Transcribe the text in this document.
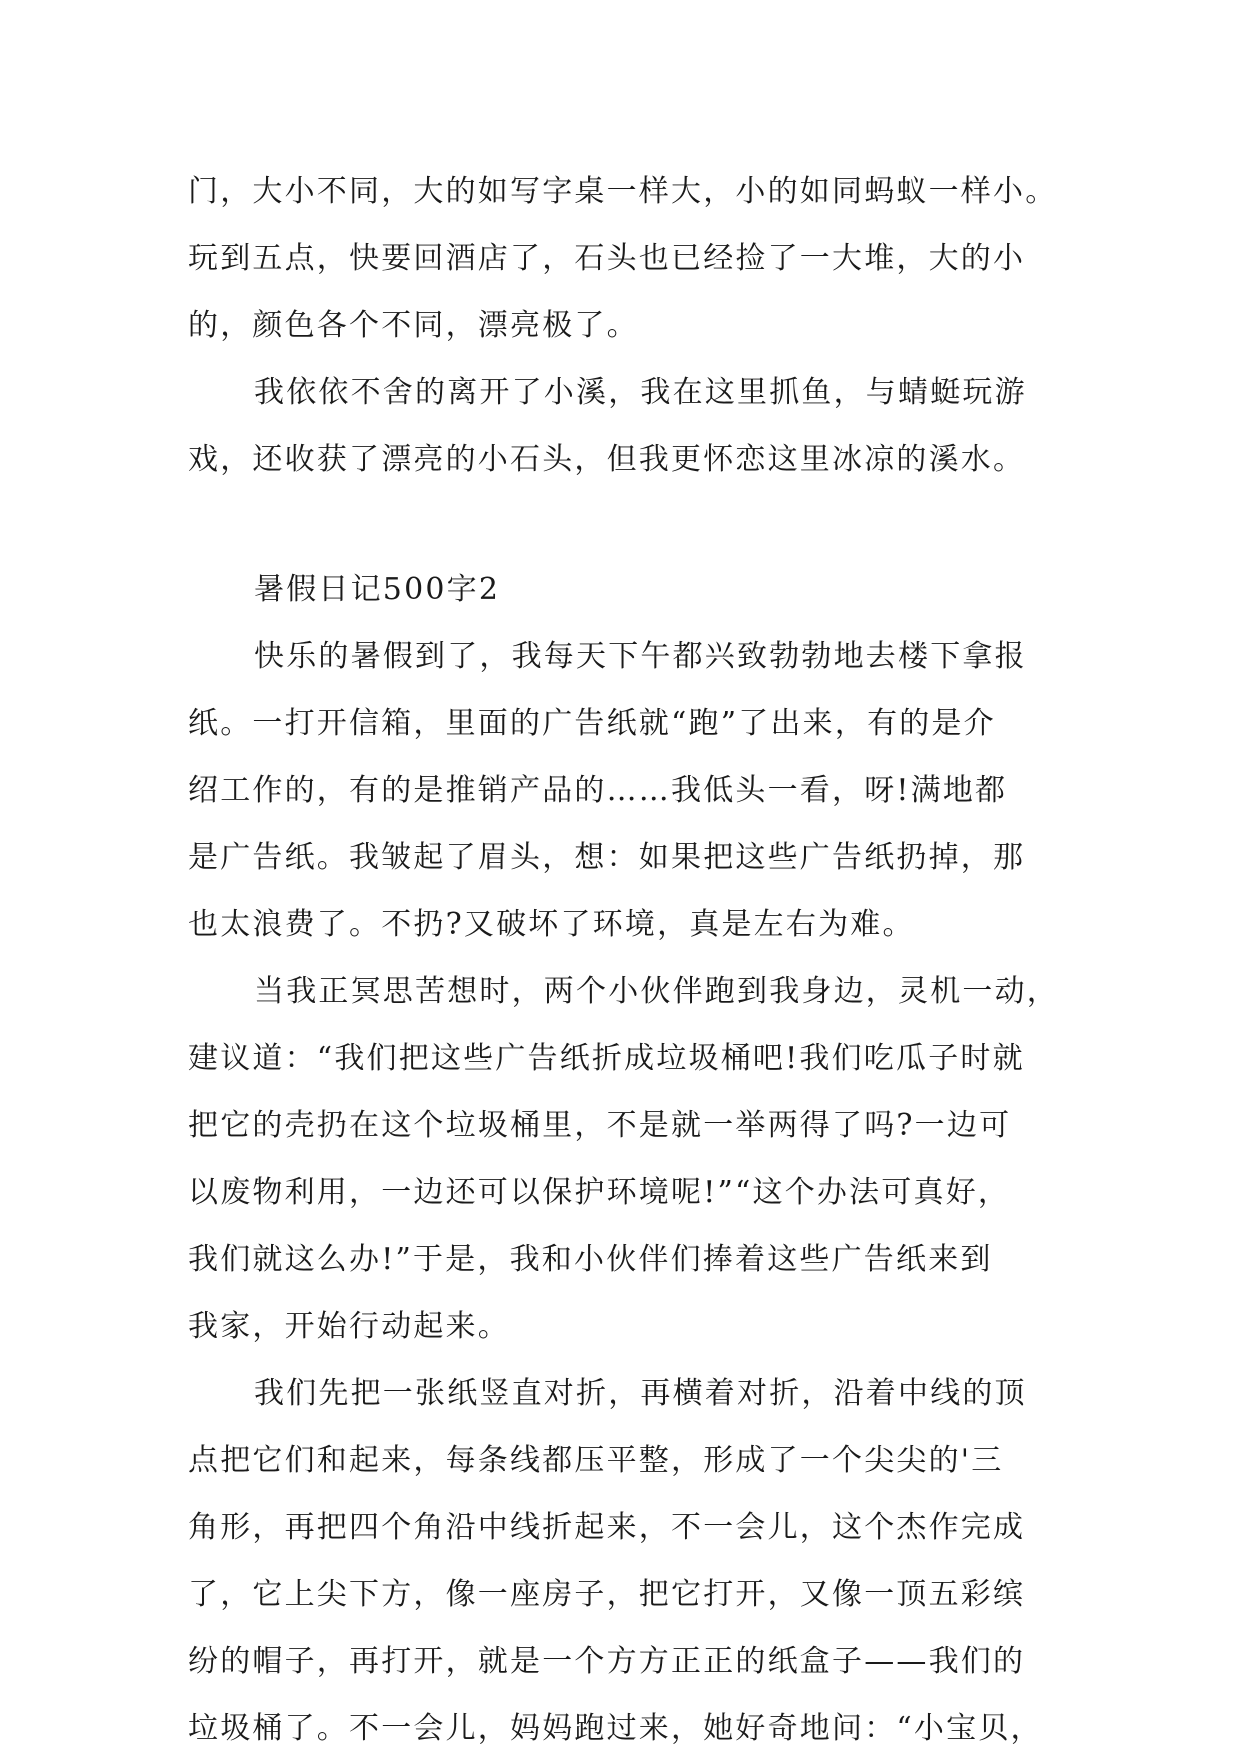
门，大小不同，大的如写字桌一样大，小的如同蚂蚁一样小。
玩到五点，快要回酒店了，石头也已经捡了一大堆，大的小
的，颜色各个不同，漂亮极了。
我依依不舍的离开了小溪，我在这里抓鱼，与蜻蜓玩游
戏，还收获了漂亮的小石头，但我更怀恋这里冰凉的溪水。
暑假日记500字2
快乐的暑假到了，我每天下午都兴致勃勃地去楼下拿报
纸。一打开信箱，里面的广告纸就“跑”了出来，有的是介
绍工作的，有的是推销产品的……我低头一看，呀!满地都
是广告纸。我皱起了眉头，想：如果把这些广告纸扔掉，那
也太浪费了。不扔?又破坏了环境，真是左右为难。
当我正冥思苦想时，两个小伙伴跑到我身边，灵机一动，
建议道：“我们把这些广告纸折成垃圾桶吧!我们吃瓜子时就
把它的壳扔在这个垃圾桶里，不是就一举两得了吗?一边可
以废物利用，一边还可以保护环境呢!”“这个办法可真好，
我们就这么办!”于是，我和小伙伴们捧着这些广告纸来到
我家，开始行动起来。
我们先把一张纸竖直对折，再横着对折，沿着中线的顶
点把它们和起来，每条线都压平整，形成了一个尖尖的'三
角形，再把四个角沿中线折起来，不一会儿，这个杰作完成
了，它上尖下方，像一座房子，把它打开，又像一顶五彩缤
纷的帽子，再打开，就是一个方方正正的纸盒子——我们的
垃圾桶了。不一会儿，妈妈跑过来，她好奇地问：“小宝贝，
